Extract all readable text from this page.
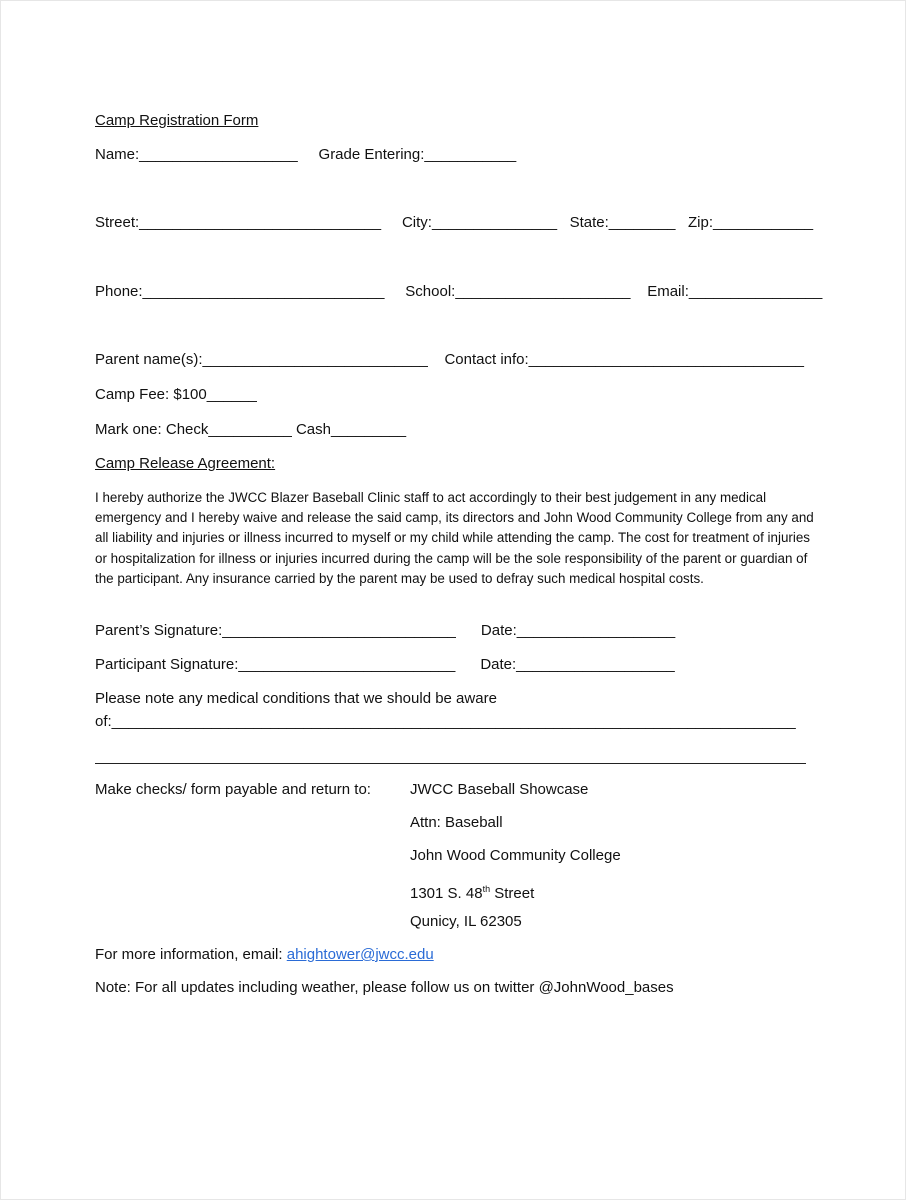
Camp Registration Form
Name:___________________     Grade Entering:___________
Street:_____________________________     City:_______________   State:________   Zip:____________
Phone:_____________________________     School:_____________________    Email:________________
Parent name(s):___________________________    Contact info:_________________________________
Camp Fee: $100______
Mark one: Check__________ Cash_________
Camp Release Agreement:
I hereby authorize the JWCC Blazer Baseball Clinic staff to act accordingly to their best judgement in any medical emergency and I hereby waive and release the said camp, its directors and John Wood Community College from any and all liability and injuries or illness incurred to myself or my child while attending the camp. The cost for treatment of injuries or hospitalization for illness or injuries incurred during the camp will be the sole responsibility of the parent or guardian of the participant. Any insurance carried by the parent may be used to defray such medical hospital costs.
Parent’s Signature:____________________________      Date:___________________
Participant Signature:__________________________      Date:___________________
Please note any medical conditions that we should be aware
of:__________________________________________________________________________________
Make checks/ form payable and return to:	JWCC Baseball Showcase
Attn: Baseball
John Wood Community College
1301 S. 48th Street
Qunicy, IL 62305
For more information, email: ahightower@jwcc.edu
Note: For all updates including weather, please follow us on twitter @JohnWood_bases
